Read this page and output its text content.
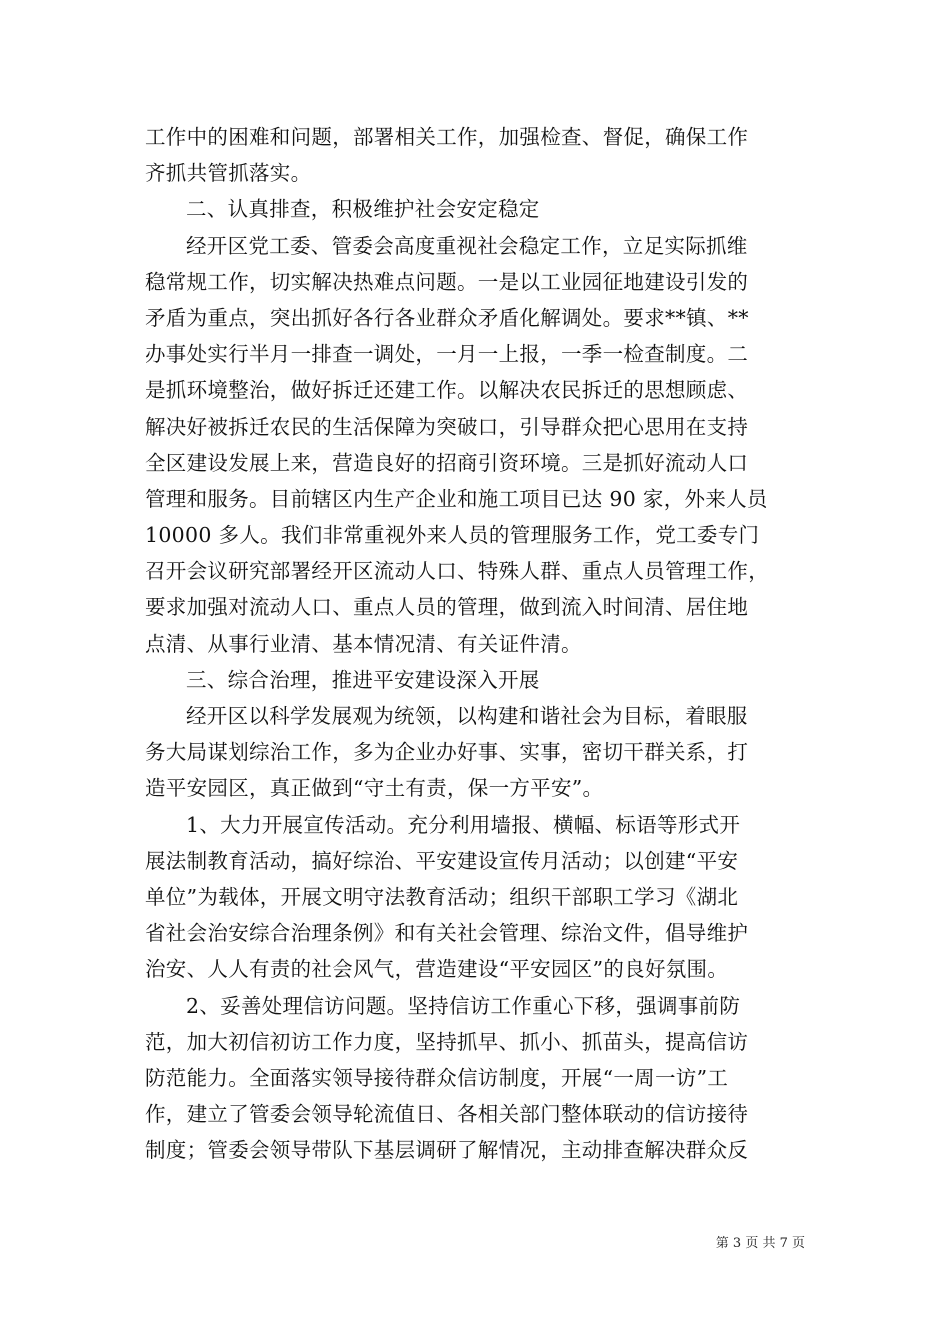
工作中的困难和问题，部署相关工作，加强检查、督促，确保工作
齐抓共管抓落实。
二、认真排查，积极维护社会安定稳定
经开区党工委、管委会高度重视社会稳定工作，立足实际抓维
稳常规工作，切实解决热难点问题。一是以工业园征地建设引发的
矛盾为重点，突出抓好各行各业群众矛盾化解调处。要求**镇、**
办事处实行半月一排查一调处，一月一上报，一季一检查制度。二
是抓环境整治，做好拆迁还建工作。以解决农民拆迁的思想顾虑、
解决好被拆迁农民的生活保障为突破口，引导群众把心思用在支持
全区建设发展上来，营造良好的招商引资环境。三是抓好流动人口
管理和服务。目前辖区内生产企业和施工项目已达 90 家，外来人员
10000 多人。我们非常重视外来人员的管理服务工作，党工委专门
召开会议研究部署经开区流动人口、特殊人群、重点人员管理工作，
要求加强对流动人口、重点人员的管理，做到流入时间清、居住地
点清、从事行业清、基本情况清、有关证件清。
三、综合治理，推进平安建设深入开展
经开区以科学发展观为统领，以构建和谐社会为目标，着眼服
务大局谋划综治工作，多为企业办好事、实事，密切干群关系，打
造平安园区，真正做到“守土有责，保一方平安”。
1、大力开展宣传活动。充分利用墙报、横幅、标语等形式开
展法制教育活动，搞好综治、平安建设宣传月活动；以创建“平安
单位”为载体，开展文明守法教育活动；组织干部职工学习《湖北
省社会治安综合治理条例》和有关社会管理、综治文件，倡导维护
治安、人人有责的社会风气，营造建设“平安园区”的良好氛围。
2、妥善处理信访问题。坚持信访工作重心下移，强调事前防
范，加大初信初访工作力度，坚持抓早、抓小、抓苗头，提高信访
防范能力。全面落实领导接待群众信访制度，开展“一周一访”工
作，建立了管委会领导轮流值日、各相关部门整体联动的信访接待
制度；管委会领导带队下基层调研了解情况，主动排查解决群众反
第 3 页 共 7 页
